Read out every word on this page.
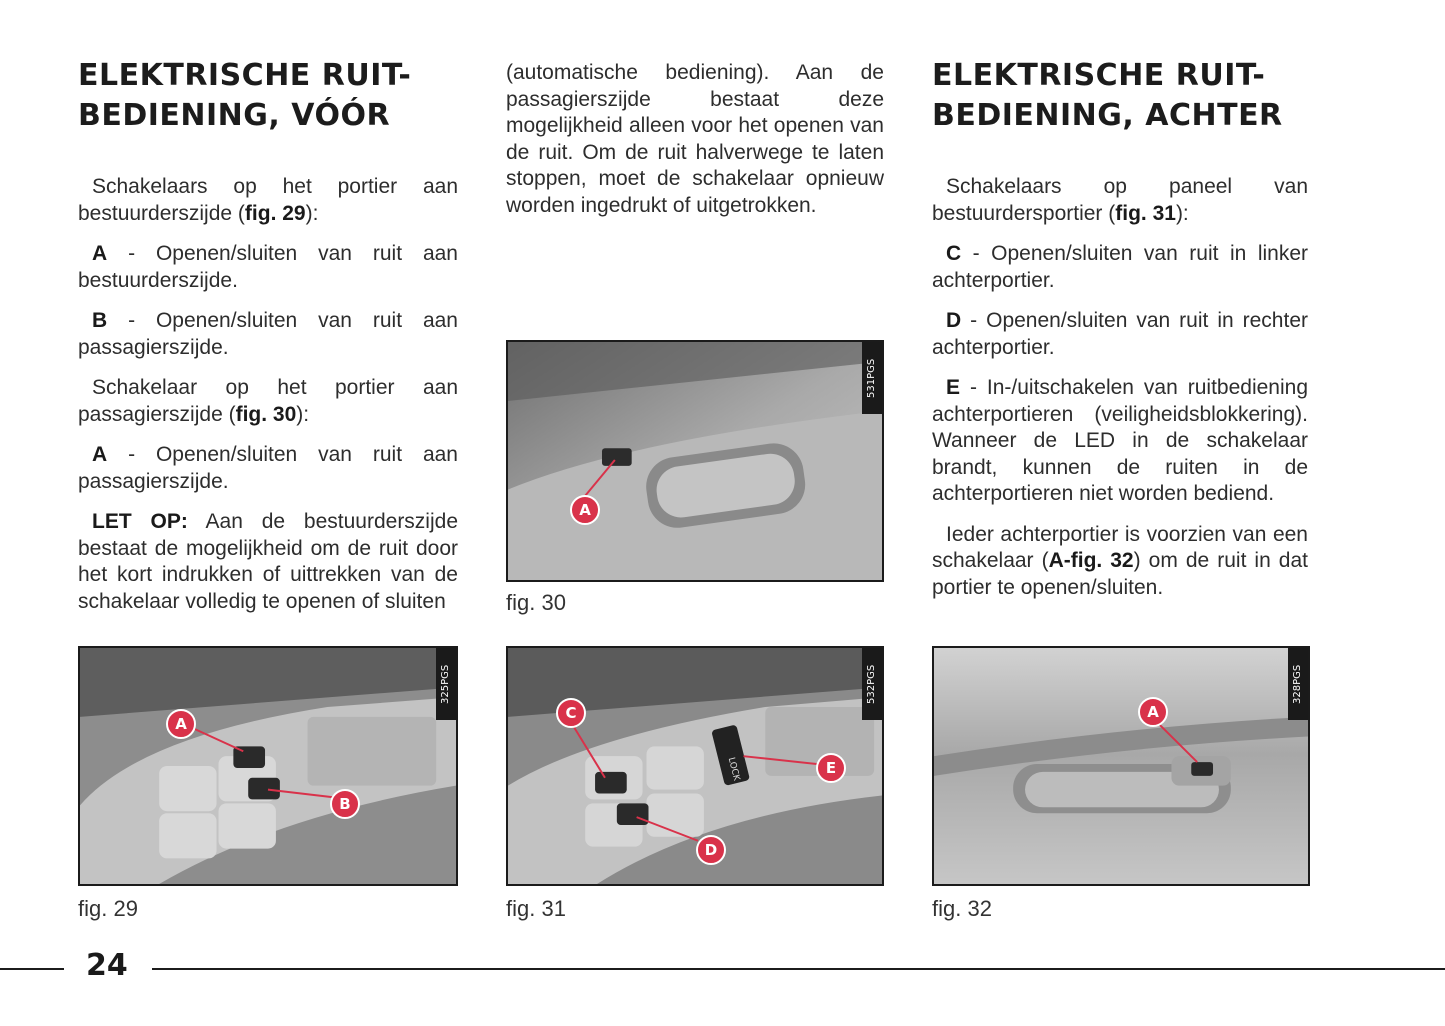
ELEKTRISCHE RUIT-
BEDIENING, VÓÓR

Schakelaars op het portier aan bestuurderszijde (fig. 29):

A - Openen/sluiten van ruit aan bestuurderszijde.

B - Openen/sluiten van ruit aan passagierszijde.

Schakelaar op het portier aan passagierszijde (fig. 30):

A - Openen/sluiten van ruit aan passagierszijde.

LET OP: Aan de bestuurderszijde bestaat de mogelijkheid om de ruit door het kort indrukken of uittrekken van de schakelaar volledig te openen of sluiten

(automatische bediening). Aan de passagierszijde bestaat deze mogelijkheid alleen voor het openen van de ruit. Om de ruit halverwege te laten stoppen, moet de schakelaar opnieuw worden ingedrukt of uitgetrokken.

ELEKTRISCHE RUIT-
BEDIENING, ACHTER

Schakelaars op paneel van bestuurdersportier (fig. 31):

C - Openen/sluiten van ruit in linker achterportier.

D - Openen/sluiten van ruit in rechter achterportier.

E - In-/uitschakelen van ruitbediening achterportieren (veiligheidsblokkering). Wanneer de LED in de schakelaar brandt, kunnen de ruiten in de achterportieren niet worden bediend.

Ieder achterportier is voorzien van een schakelaar (A-fig. 32) om de ruit in dat portier te openen/sluiten.

A
531PGS
fig. 30
A
B
325PGS
fig. 29
LOCK
C
D
E
532PGS
fig. 31
A
328PGS
fig. 32
24
